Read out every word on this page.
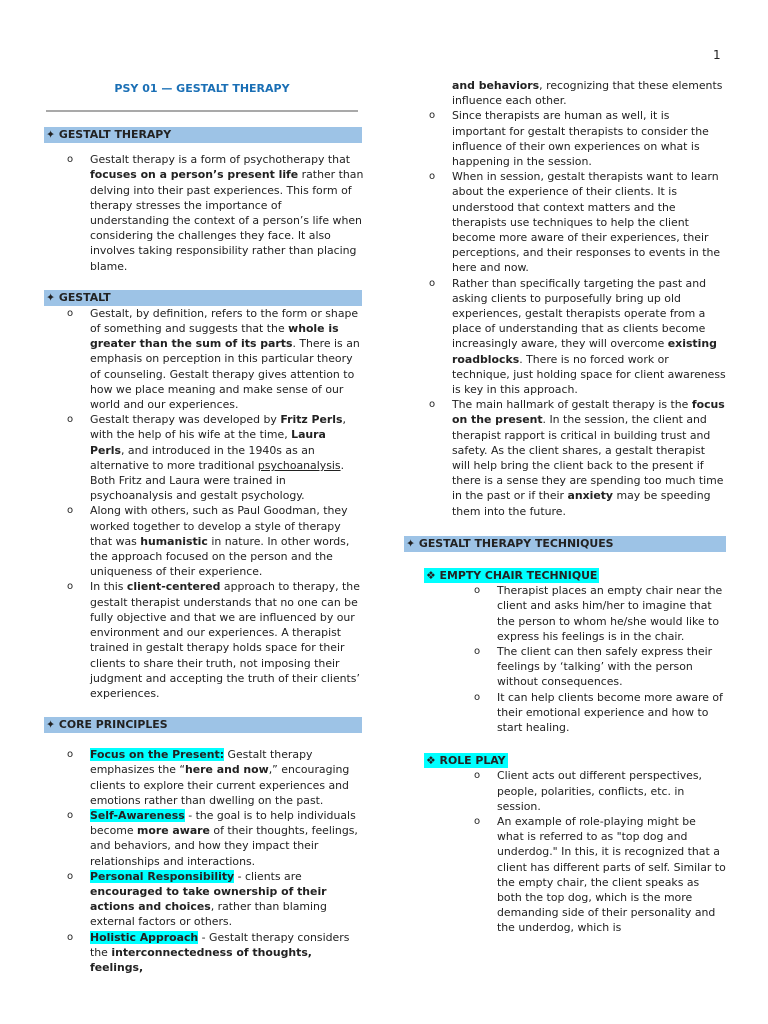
1
PSY 01 — GESTALT THERAPY
✦ GESTALT THERAPY
o Gestalt therapy is a form of psychotherapy that focuses on a person’s present life rather than delving into their past experiences. This form of therapy stresses the importance of understanding the context of a person’s life when considering the challenges they face. It also involves taking responsibility rather than placing blame.
✦ GESTALT
o Gestalt, by definition, refers to the form or shape of something and suggests that the whole is greater than the sum of its parts. There is an emphasis on perception in this particular theory of counseling. Gestalt therapy gives attention to how we place meaning and make sense of our world and our experiences.
o Gestalt therapy was developed by Fritz Perls, with the help of his wife at the time, Laura Perls, and introduced in the 1940s as an alternative to more traditional psychoanalysis. Both Fritz and Laura were trained in psychoanalysis and gestalt psychology.
o Along with others, such as Paul Goodman, they worked together to develop a style of therapy that was humanistic in nature. In other words, the approach focused on the person and the uniqueness of their experience.
o In this client-centered approach to therapy, the gestalt therapist understands that no one can be fully objective and that we are influenced by our environment and our experiences. A therapist trained in gestalt therapy holds space for their clients to share their truth, not imposing their judgment and accepting the truth of their clients’ experiences.
✦ CORE PRINCIPLES
o Focus on the Present: Gestalt therapy emphasizes the “here and now,” encouraging clients to explore their current experiences and emotions rather than dwelling on the past.
o Self-Awareness - the goal is to help individuals become more aware of their thoughts, feelings, and behaviors, and how they impact their relationships and interactions.
o Personal Responsibility - clients are encouraged to take ownership of their actions and choices, rather than blaming external factors or others.
o Holistic Approach - Gestalt therapy considers the interconnectedness of thoughts, feelings,
and behaviors, recognizing that these elements influence each other.
o Since therapists are human as well, it is important for gestalt therapists to consider the influence of their own experiences on what is happening in the session.
o When in session, gestalt therapists want to learn about the experience of their clients. It is understood that context matters and the therapists use techniques to help the client become more aware of their experiences, their perceptions, and their responses to events in the here and now.
o Rather than specifically targeting the past and asking clients to purposefully bring up old experiences, gestalt therapists operate from a place of understanding that as clients become increasingly aware, they will overcome existing roadblocks. There is no forced work or technique, just holding space for client awareness is key in this approach.
o The main hallmark of gestalt therapy is the focus on the present. In the session, the client and therapist rapport is critical in building trust and safety. As the client shares, a gestalt therapist will help bring the client back to the present if there is a sense they are spending too much time in the past or if their anxiety may be speeding them into the future.
✦ GESTALT THERAPY TECHNIQUES
❖ EMPTY CHAIR TECHNIQUE
o Therapist places an empty chair near the client and asks him/her to imagine that the person to whom he/she would like to express his feelings is in the chair.
o The client can then safely express their feelings by ‘talking’ with the person without consequences.
o It can help clients become more aware of their emotional experience and how to start healing.
❖ ROLE PLAY
o Client acts out different perspectives, people, polarities, conflicts, etc. in session.
o An example of role-playing might be what is referred to as "top dog and underdog." In this, it is recognized that a client has different parts of self. Similar to the empty chair, the client speaks as both the top dog, which is the more demanding side of their personality and the underdog, which is
